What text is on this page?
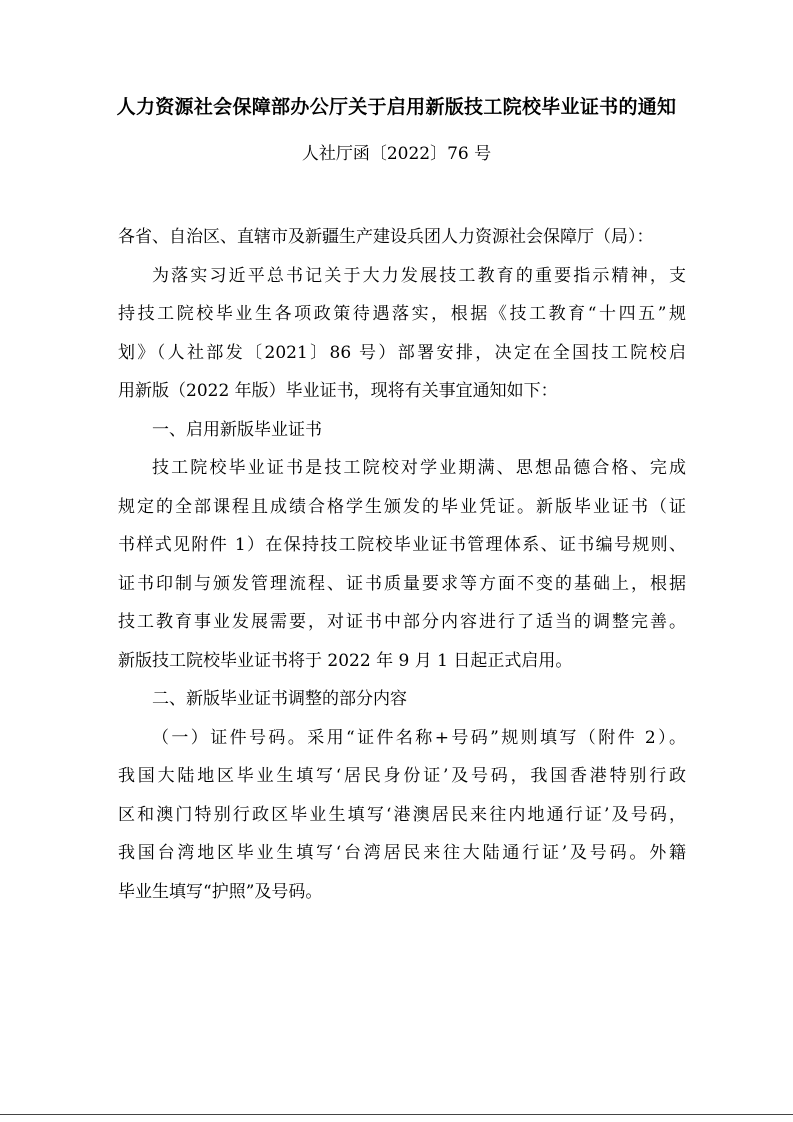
人力资源社会保障部办公厅关于启用新版技工院校毕业证书的通知
人社厅函〔2022〕76 号
各省、自治区、直辖市及新疆生产建设兵团人力资源社会保障厅（局）：
为落实习近平总书记关于大力发展技工教育的重要指示精神，支
持技工院校毕业生各项政策待遇落实，根据《技工教育“十四五”规
划》（人社部发〔2021〕86 号）部署安排，决定在全国技工院校启
用新版（2022 年版）毕业证书，现将有关事宜通知如下：
一、启用新版毕业证书
技工院校毕业证书是技工院校对学业期满、思想品德合格、完成
规定的全部课程且成绩合格学生颁发的毕业凭证。新版毕业证书（证
书样式见附件 1）在保持技工院校毕业证书管理体系、证书编号规则、
证书印制与颁发管理流程、证书质量要求等方面不变的基础上，根据
技工教育事业发展需要，对证书中部分内容进行了适当的调整完善。
新版技工院校毕业证书将于 2022 年 9 月 1 日起正式启用。
二、新版毕业证书调整的部分内容
（一）证件号码。采用“证件名称+号码”规则填写（附件 2）。
我国大陆地区毕业生填写‘居民身份证’及号码，我国香港特别行政
区和澳门特别行政区毕业生填写‘港澳居民来往内地通行证’及号码，
我国台湾地区毕业生填写‘台湾居民来往大陆通行证’及号码。外籍
毕业生填写“护照”及号码。
